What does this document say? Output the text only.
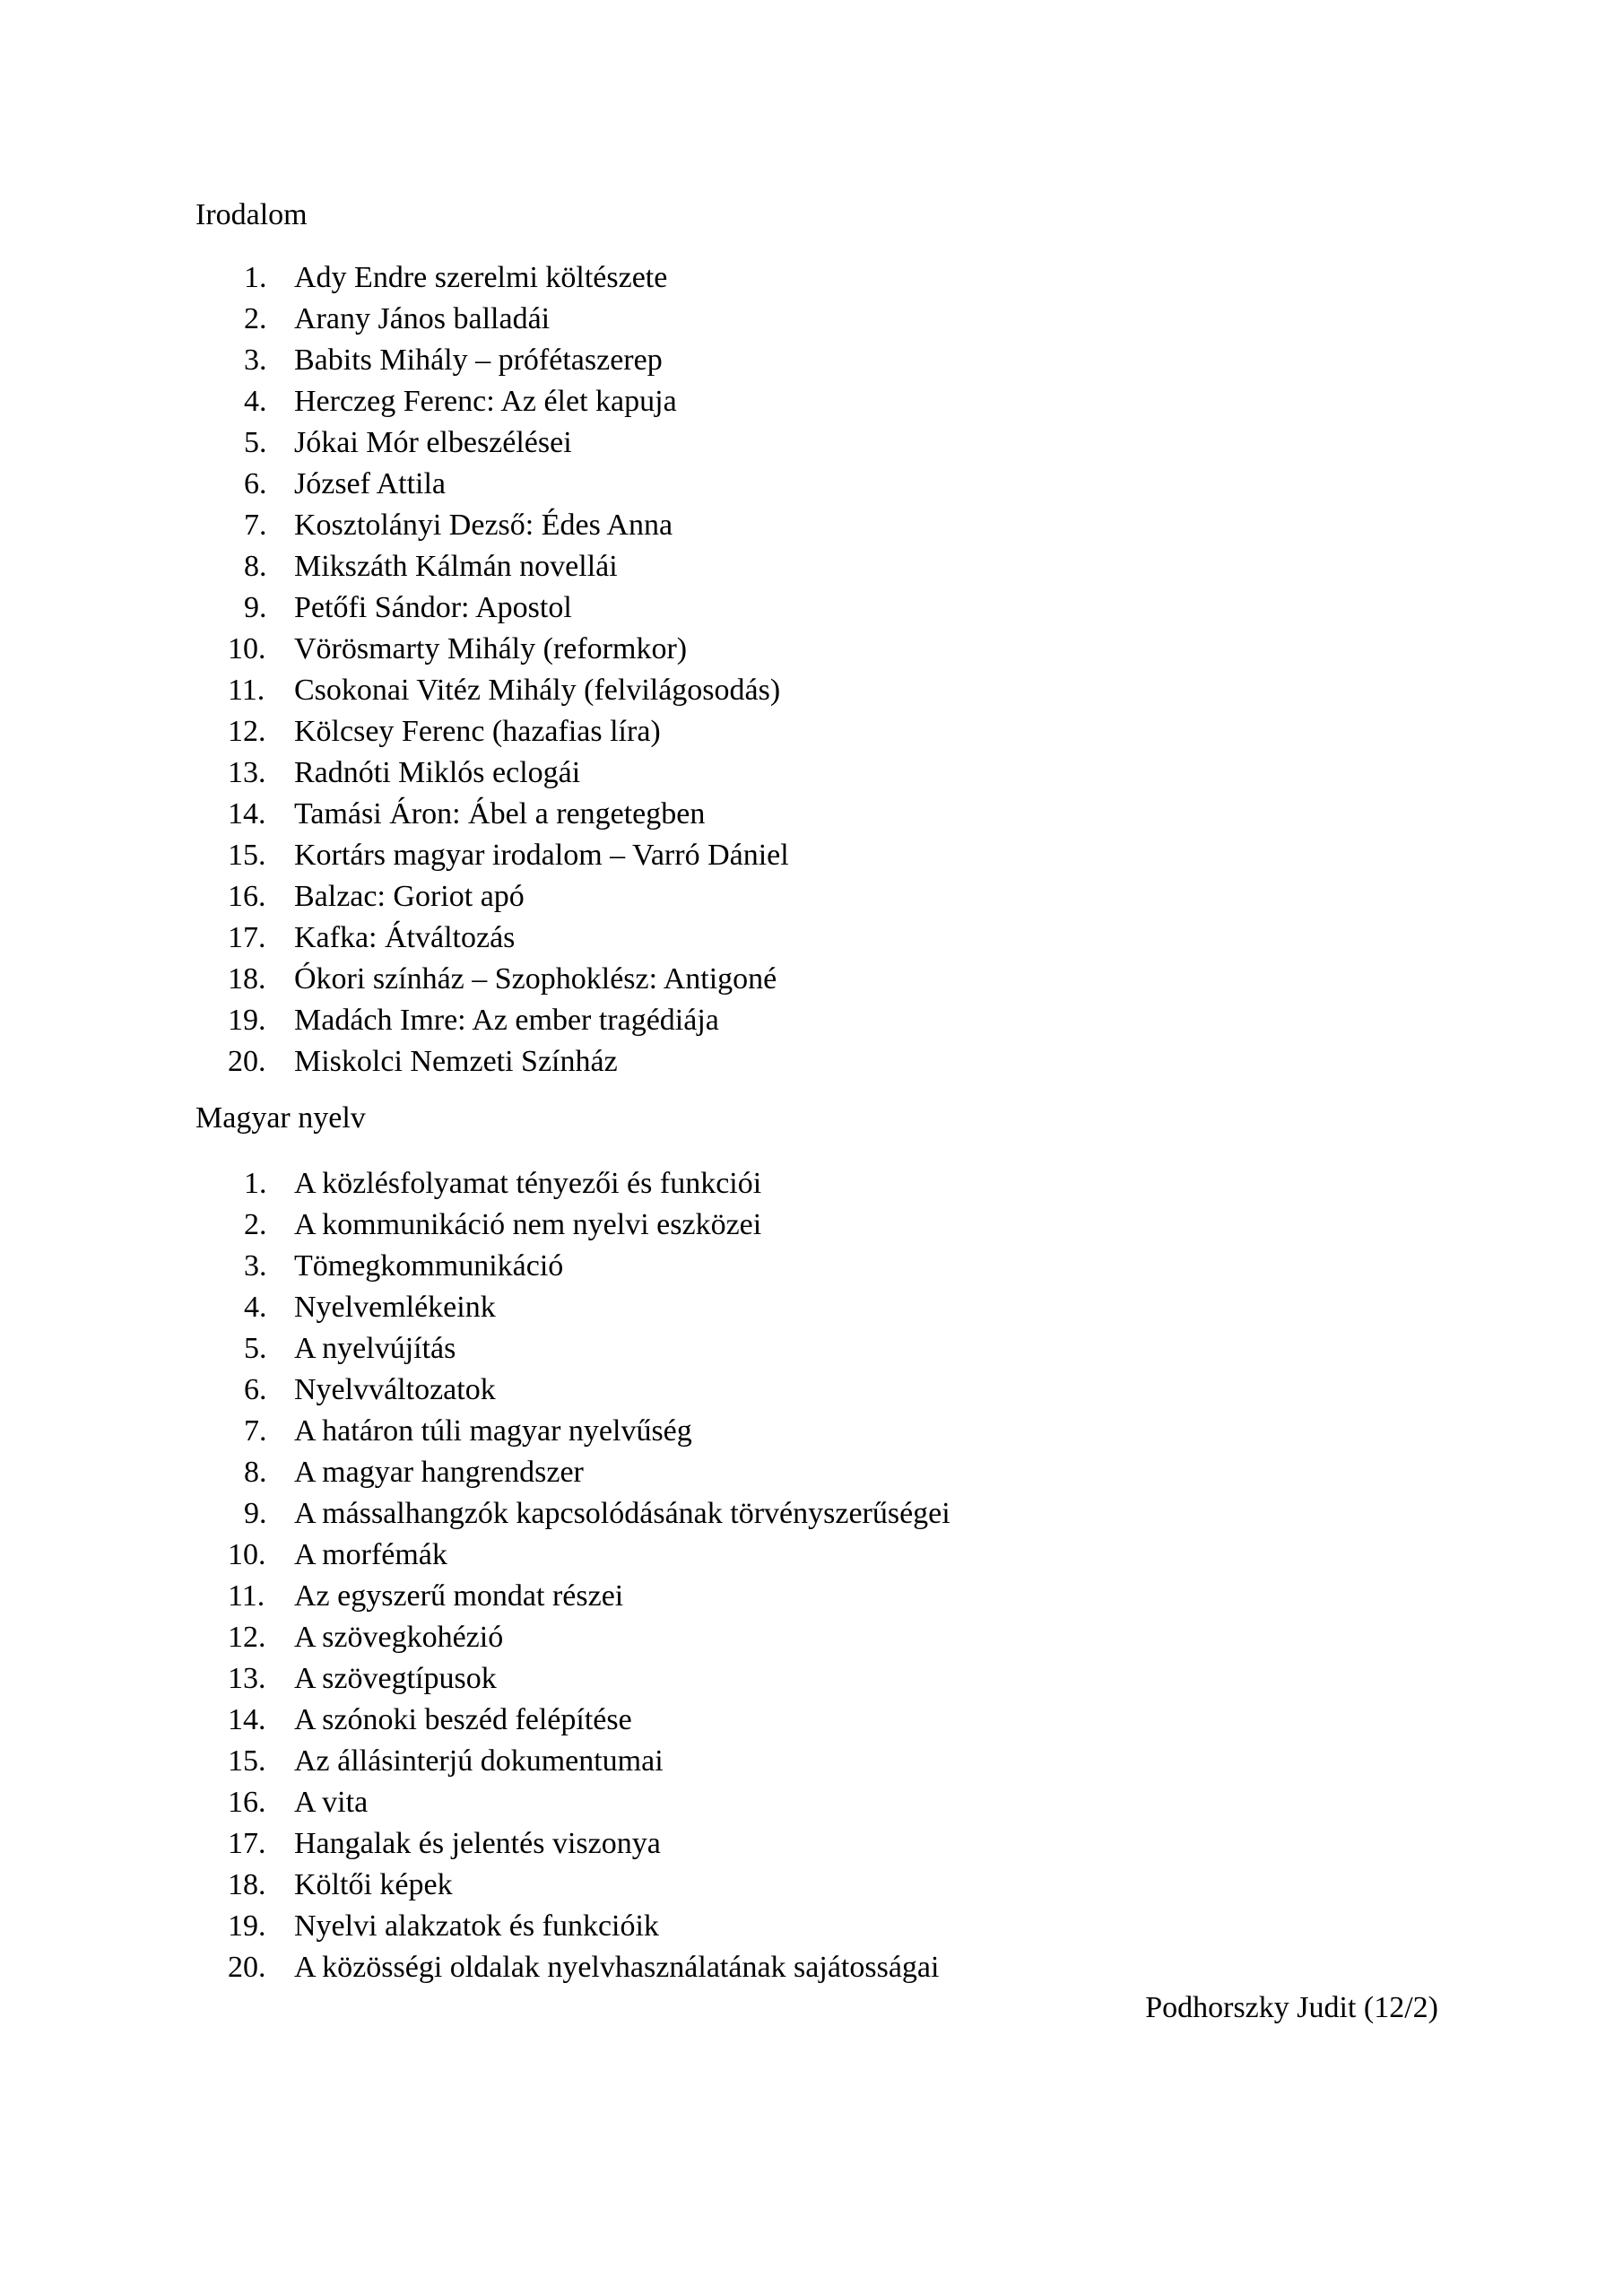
Irodalom
1. Ady Endre szerelmi költészete
2. Arany János balladái
3. Babits Mihály – prófétaszerep
4. Herczeg Ferenc: Az élet kapuja
5. Jókai Mór elbeszélései
6. József Attila
7. Kosztolányi Dezső: Édes Anna
8. Mikszáth Kálmán novellái
9. Petőfi Sándor: Apostol
10. Vörösmarty Mihály (reformkor)
11. Csokonai Vitéz Mihály (felvilágosodás)
12. Kölcsey Ferenc (hazafias líra)
13. Radnóti Miklós eclogái
14. Tamási Áron: Ábel a rengetegben
15. Kortárs magyar irodalom – Varró Dániel
16. Balzac: Goriot apó
17. Kafka: Átváltozás
18. Ókori színház – Szophoklész: Antigoné
19. Madách Imre: Az ember tragédiája
20. Miskolci Nemzeti Színház
Magyar nyelv
1. A közlésfolyamat tényezői és funkciói
2. A kommunikáció nem nyelvi eszközei
3. Tömegkommunikáció
4. Nyelvemlékeink
5. A nyelvújítás
6. Nyelvváltozatok
7. A határon túli magyar nyelvűség
8. A magyar hangrendszer
9. A mássalhangzók kapcsolódásának törvényszerűségei
10. A morfémák
11. Az egyszerű mondat részei
12. A szövegkohézió
13. A szövegtípusok
14. A szónoki beszéd felépítése
15. Az állásinterjú dokumentumai
16. A vita
17. Hangalak és jelentés viszonya
18. Költői képek
19. Nyelvi alakzatok és funkcióik
20. A közösségi oldalak nyelvhasználatának sajátosságai

Podhorszky Judit (12/2)
